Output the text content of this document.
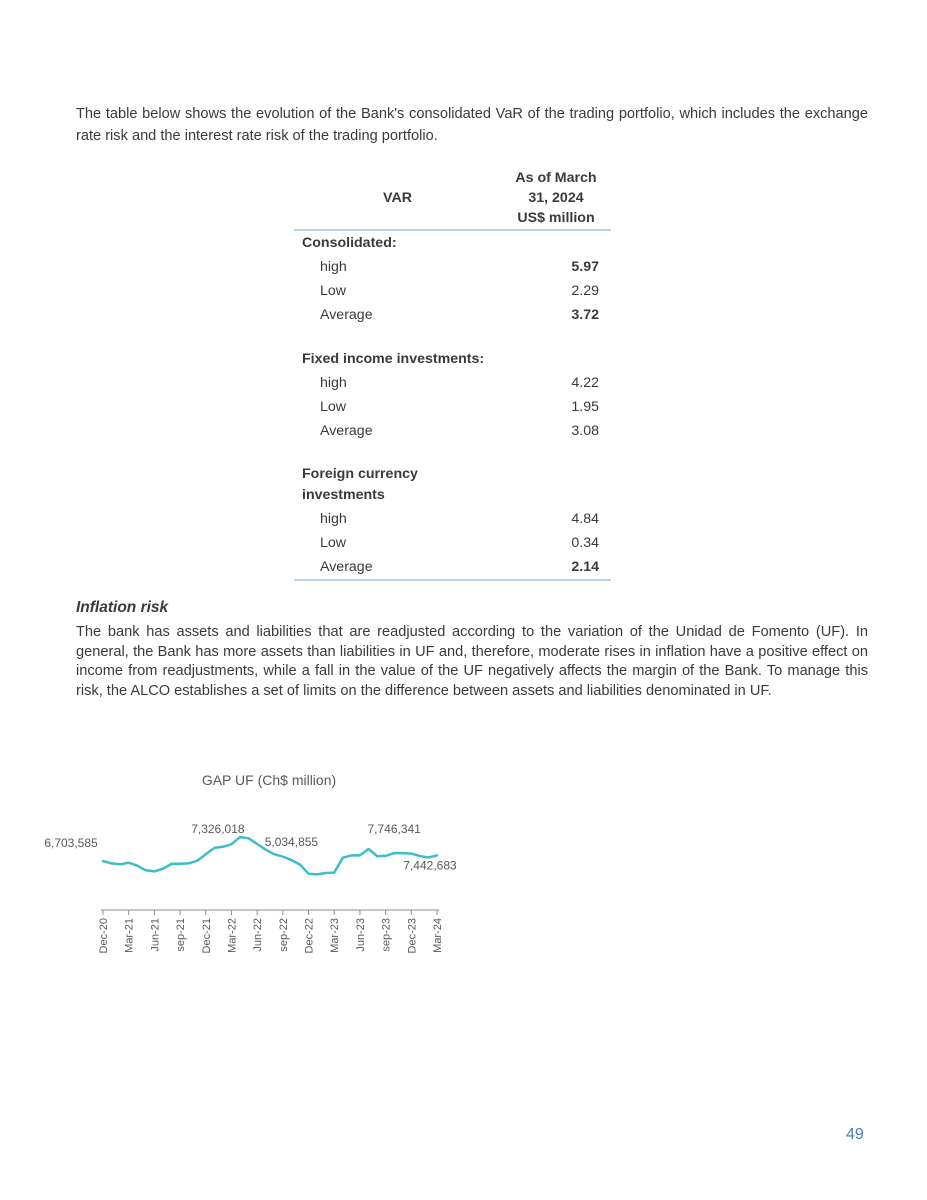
The table below shows the evolution of the Bank's consolidated VaR of the trading portfolio, which includes the exchange rate risk and the interest rate risk of the trading portfolio.

VAR	As of March
31, 2024
US$ million
Consolidated:	
high	5.97
Low	2.29
Average	3.72

Fixed income investments:	
high	4.22
Low	1.95
Average	3.08

Foreign currency
investments	
high	4.84
Low	0.34
Average	2.14
Inflation risk

The bank has assets and liabilities that are readjusted according to the variation of the Unidad de Fomento (UF). In general, the Bank has more assets than liabilities in UF and, therefore, moderate rises in inflation have a positive effect on income from readjustments, while a fall in the value of the UF negatively affects the margin of the Bank. To manage this risk, the ALCO establishes a set of limits on the difference between assets and liabilities denominated in UF.

GAP UF (Ch$ million)
Dec-20 Mar-21 Jun-21 sep-21 Dec-21 Mar-22 Jun-22 sep-22 Dec-22 Mar-23 Jun-23 sep-23 Dec-23 Mar-24
6,703,585
7,326,018
5,034,855
7,746,341
7,442,683
49
